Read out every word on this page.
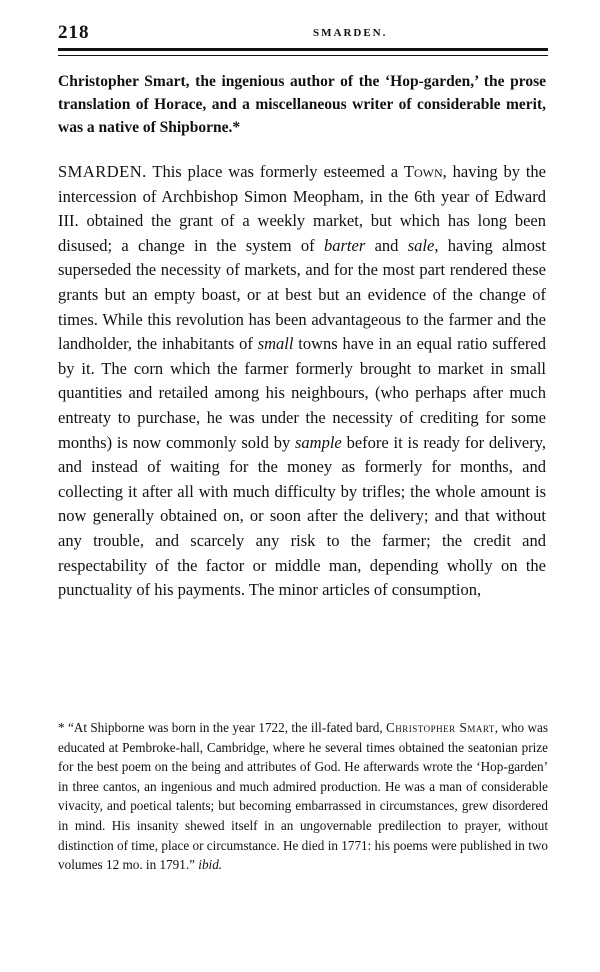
218	SMARDEN.

Christopher Smart, the ingenious author of the ‘Hop-garden,’ the prose translation of Horace, and a miscellaneous writer of considerable merit, was a native of Shipborne.*

SMARDEN. This place was formerly esteemed a Town, having by the intercession of Archbishop Simon Meopham, in the 6th year of Edward III. obtained the grant of a weekly market, but which has long been disused; a change in the system of barter and sale, having almost superseded the necessity of markets, and for the most part rendered these grants but an empty boast, or at best but an evidence of the change of times. While this revolution has been advantageous to the farmer and the landholder, the inhabitants of small towns have in an equal ratio suffered by it. The corn which the farmer formerly brought to market in small quantities and retailed among his neighbours, (who perhaps after much entreaty to purchase, he was under the necessity of crediting for some months) is now commonly sold by sample before it is ready for delivery, and instead of waiting for the money as formerly for months, and collecting it after all with much difficulty by trifles; the whole amount is now generally obtained on, or soon after the delivery; and that without any trouble, and scarcely any risk to the farmer; the credit and respectability of the factor or middle man, depending wholly on the punctuality of his payments. The minor articles of consumption,

* “At Shipborne was born in the year 1722, the ill-fated bard, Christopher Smart, who was educated at Pembroke-hall, Cambridge, where he several times obtained the seatonian prize for the best poem on the being and attributes of God. He afterwards wrote the ‘Hop-garden’ in three cantos, an ingenious and much admired production. He was a man of considerable vivacity, and poetical talents; but becoming embarrassed in circumstances, grew disordered in mind. His insanity shewed itself in an ungovernable predilection to prayer, without distinction of time, place or circumstance. He died in 1771: his poems were published in two volumes 12 mo. in 1791.” ibid.
